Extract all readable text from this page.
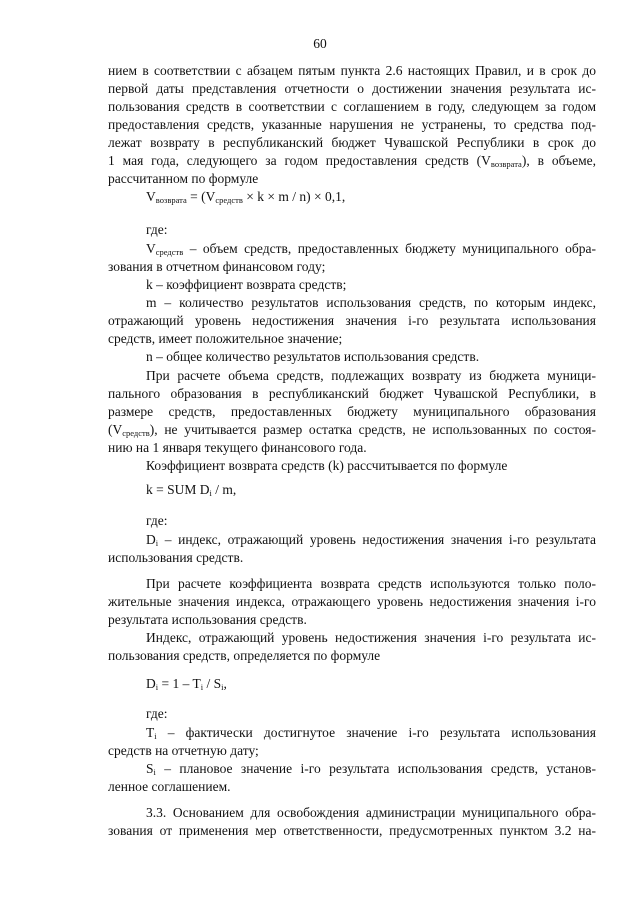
60
нием в соответствии с абзацем пятым пункта 2.6 настоящих Правил, и в срок до
первой даты представления отчетности о достижении значения результата ис-
пользования средств в соответствии с соглашением в году, следующем за годом
предоставления средств, указанные нарушения не устранены, то средства под-
лежат возврату в республиканский бюджет Чувашской Республики в срок до
1 мая года, следующего за годом предоставления средств $(V_{возврата})$, в объеме,
рассчитанном по формуле
$V_{возврата} = (V_{средств} \times k \times m / n) \times 0,1$,
где:
$V_{средств}$ – объем средств, предоставленных бюджету муниципального обра-
зования в отчетном финансовом году;
k – коэффициент возврата средств;
m – количество результатов использования средств, по которым индекс,
отражающий уровень недостижения значения i-го результата использования
средств, имеет положительное значение;
n – общее количество результатов использования средств.
При расчете объема средств, подлежащих возврату из бюджета муници-
пального образования в республиканский бюджет Чувашской Республики, в
размере средств, предоставленных бюджету муниципального образования
$(V_{средств})$, не учитывается размер остатка средств, не использованных по состоя-
нию на 1 января текущего финансового года.
Коэффициент возврата средств (k) рассчитывается по формуле
k = SUM $D_i$ / m,
где:
$D_i$ – индекс, отражающий уровень недостижения значения i-го результата
использования средств.
При расчете коэффициента возврата средств используются только поло-
жительные значения индекса, отражающего уровень недостижения значения i-го
результата использования средств.
Индекс, отражающий уровень недостижения значения i-го результата ис-
пользования средств, определяется по формуле
$D_i = 1 - T_i / S_i$,
где:
$T_i$ – фактически достигнутое значение i-го результата использования
средств на отчетную дату;
$S_i$ – плановое значение i-го результата использования средств, установ-
ленное соглашением.
3.3. Основанием для освобождения администрации муниципального обра-
зования от применения мер ответственности, предусмотренных пунктом 3.2 на-
